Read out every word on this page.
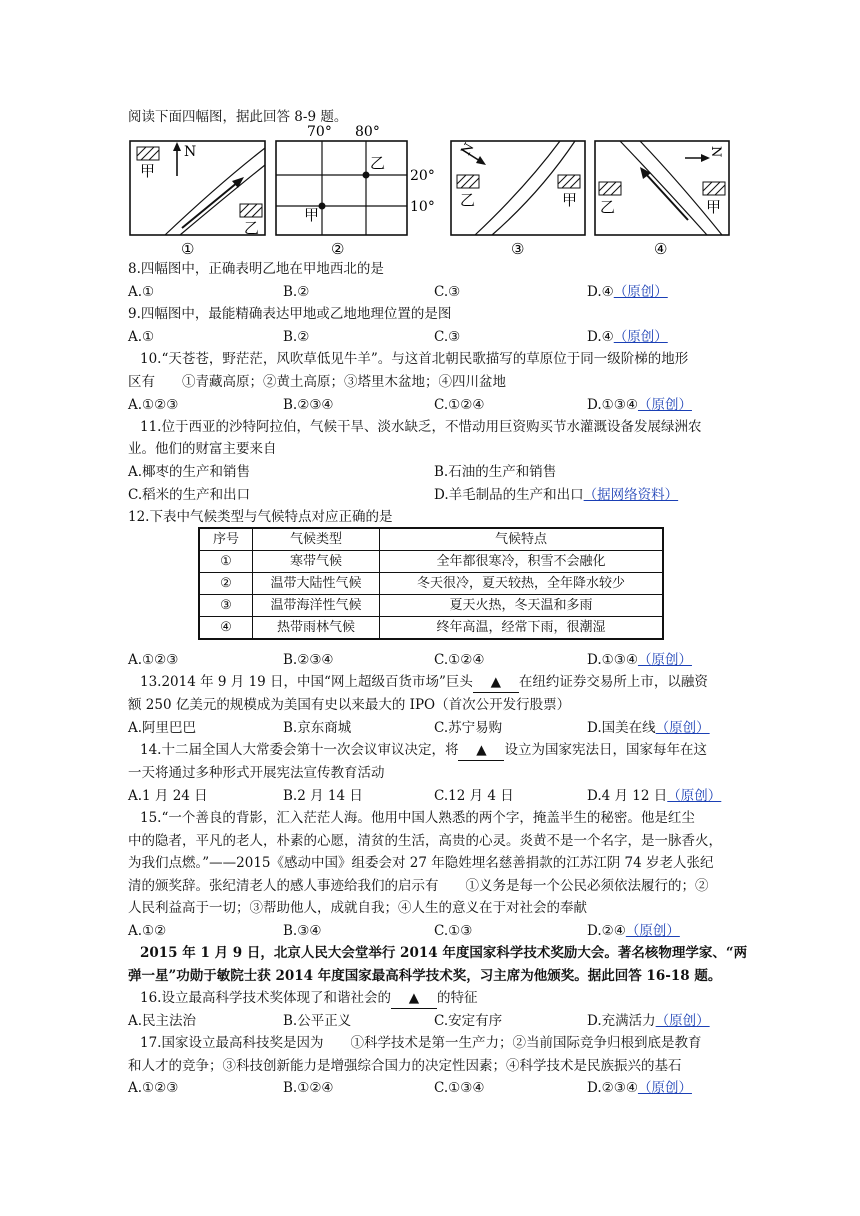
阅读下面四幅图，据此回答 8-9 题。
甲
N
乙
①
70° 80°
20°
10°
乙
甲
②
N
乙	甲
③
N
乙	甲
④
8.四幅图中，正确表明乙地在甲地西北的是
A.①	B.②	C.③	D.④（原创）
9.四幅图中，最能精确表达甲地或乙地地理位置的是图
A.①	B.②	C.③	D.④（原创）
10.“天苍苍，野茫茫，风吹草低见牛羊”。与这首北朝民歌描写的草原位于同一级阶梯的地形
区有　　①青藏高原；②黄土高原；③塔里木盆地；④四川盆地
A.①②③	B.②③④	C.①②④	D.①③④（原创）
11.位于西亚的沙特阿拉伯，气候干旱、淡水缺乏，不惜动用巨资购买节水灌溉设备发展绿洲农
业。他们的财富主要来自
A.椰枣的生产和销售	B.石油的生产和销售
C.稻米的生产和出口	D.羊毛制品的生产和出口（据网络资料）
12.下表中气候类型与气候特点对应正确的是
序号	气候类型	气候特点
①	寒带气候	全年都很寒冷，积雪不会融化
②	温带大陆性气候	冬天很冷，夏天较热，全年降水较少
③	温带海洋性气候	夏天火热，冬天温和多雨
④	热带雨林气候	终年高温，经常下雨，很潮湿
A.①②③	B.②③④	C.①②④	D.①③④（原创）
13.2014 年 9 月 19 日，中国“网上超级百货市场”巨头 ▲ 在纽约证券交易所上市，以融资
额 250 亿美元的规模成为美国有史以来最大的 IPO（首次公开发行股票）
A.阿里巴巴	B.京东商城	C.苏宁易购	D.国美在线（原创）
14.十二届全国人大常委会第十一次会议审议决定，将 ▲ 设立为国家宪法日，国家每年在这
一天将通过多种形式开展宪法宣传教育活动
A.1 月 24 日	B.2 月 14 日	C.12 月 4 日	D.4 月 12 日（原创）
15.“一个善良的背影，汇入茫茫人海。他用中国人熟悉的两个字，掩盖半生的秘密。他是红尘
中的隐者，平凡的老人，朴素的心愿，清贫的生活，高贵的心灵。炎黄不是一个名字，是一脉香火，
为我们点燃。”——2015《感动中国》组委会对 27 年隐姓埋名慈善捐款的江苏江阴 74 岁老人张纪
清的颁奖辞。张纪清老人的感人事迹给我们的启示有　　①义务是每一个公民必须依法履行的；②
人民利益高于一切；③帮助他人，成就自我；④人生的意义在于对社会的奉献
A.①②	B.③④	C.①③	D.②④（原创）
2015 年 1 月 9 日，北京人民大会堂举行 2014 年度国家科学技术奖励大会。著名核物理学家、“两
弹一星”功勋于敏院士获 2014 年度国家最高科学技术奖，习主席为他颁奖。据此回答 16-18 题。
16.设立最高科学技术奖体现了和谐社会的 ▲ 的特征
A.民主法治	B.公平正义	C.安定有序	D.充满活力（原创）
17.国家设立最高科技奖是因为　　①科学技术是第一生产力；②当前国际竞争归根到底是教育
和人才的竞争；③科技创新能力是增强综合国力的决定性因素；④科学技术是民族振兴的基石
A.①②③	B.①②④	C.①③④	D.②③④（原创）
